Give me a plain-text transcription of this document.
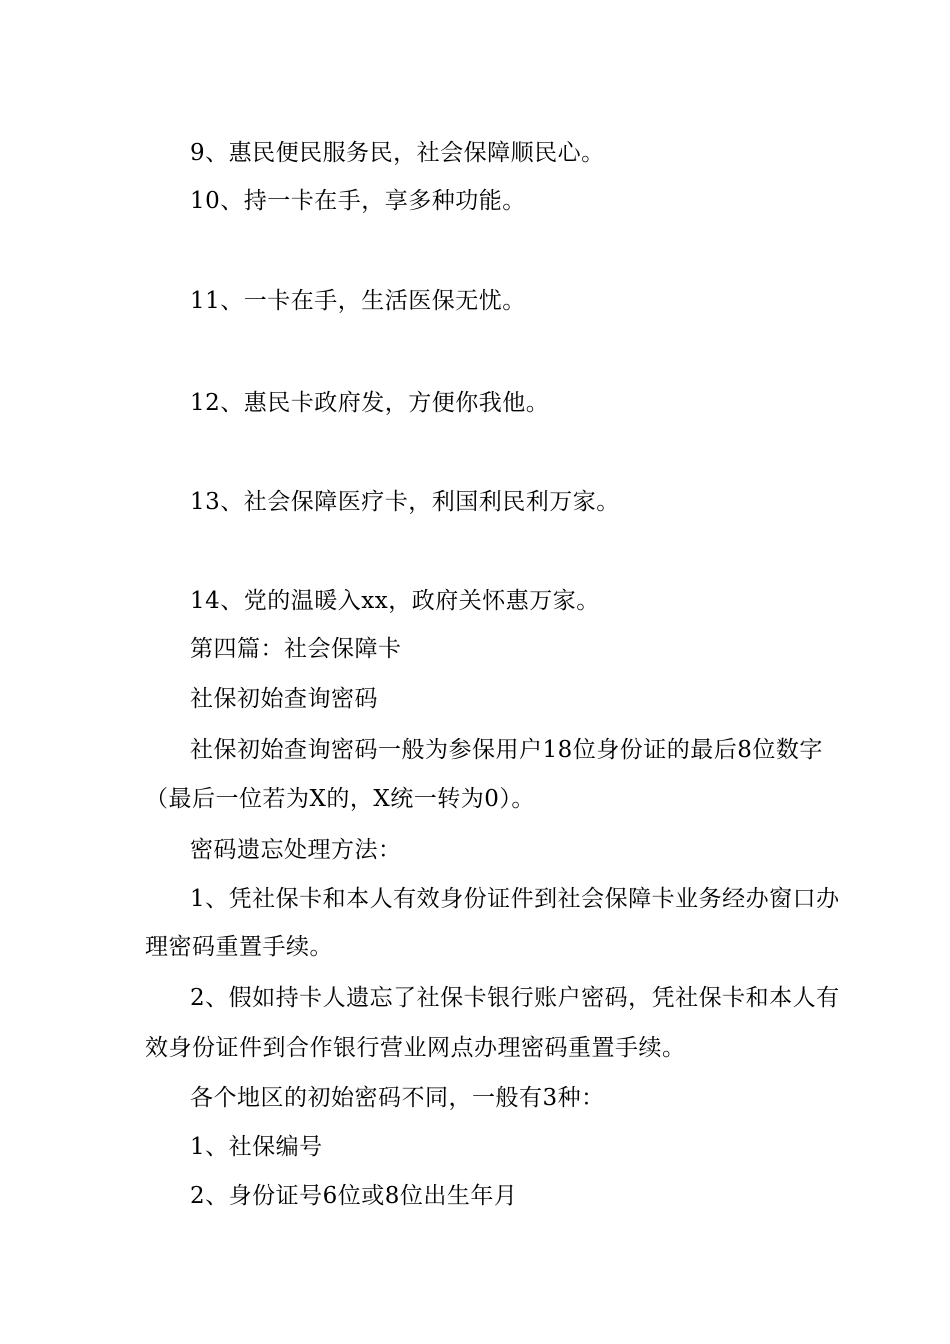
9、惠民便民服务民，社会保障顺民心。
10、持一卡在手，享多种功能。
11、一卡在手，生活医保无忧。
12、惠民卡政府发，方便你我他。
13、社会保障医疗卡，利国利民利万家。
14、党的温暖入xx，政府关怀惠万家。
第四篇：社会保障卡
社保初始查询密码
社保初始查询密码一般为参保用户18位身份证的最后8位数字
（最后一位若为X的，X统一转为0）。
密码遗忘处理方法：
1、凭社保卡和本人有效身份证件到社会保障卡业务经办窗口办
理密码重置手续。
2、假如持卡人遗忘了社保卡银行账户密码，凭社保卡和本人有
效身份证件到合作银行营业网点办理密码重置手续。
各个地区的初始密码不同，一般有3种：
1、社保编号
2、身份证号6位或8位出生年月
